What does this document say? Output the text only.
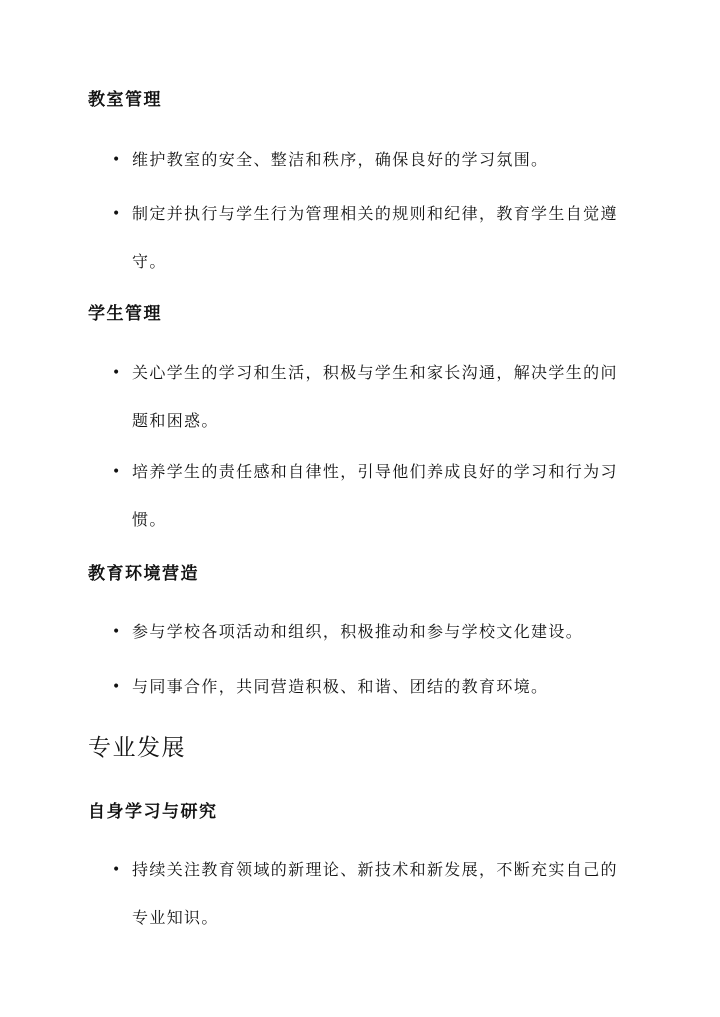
教室管理
• 维护教室的安全、整洁和秩序，确保良好的学习氛围。
• 制定并执行与学生行为管理相关的规则和纪律，教育学生自觉遵守。
学生管理
• 关心学生的学习和生活，积极与学生和家长沟通，解决学生的问题和困惑。
• 培养学生的责任感和自律性，引导他们养成良好的学习和行为习惯。
教育环境营造
• 参与学校各项活动和组织，积极推动和参与学校文化建设。
• 与同事合作，共同营造积极、和谐、团结的教育环境。
专业发展
自身学习与研究
• 持续关注教育领域的新理论、新技术和新发展，不断充实自己的专业知识。
